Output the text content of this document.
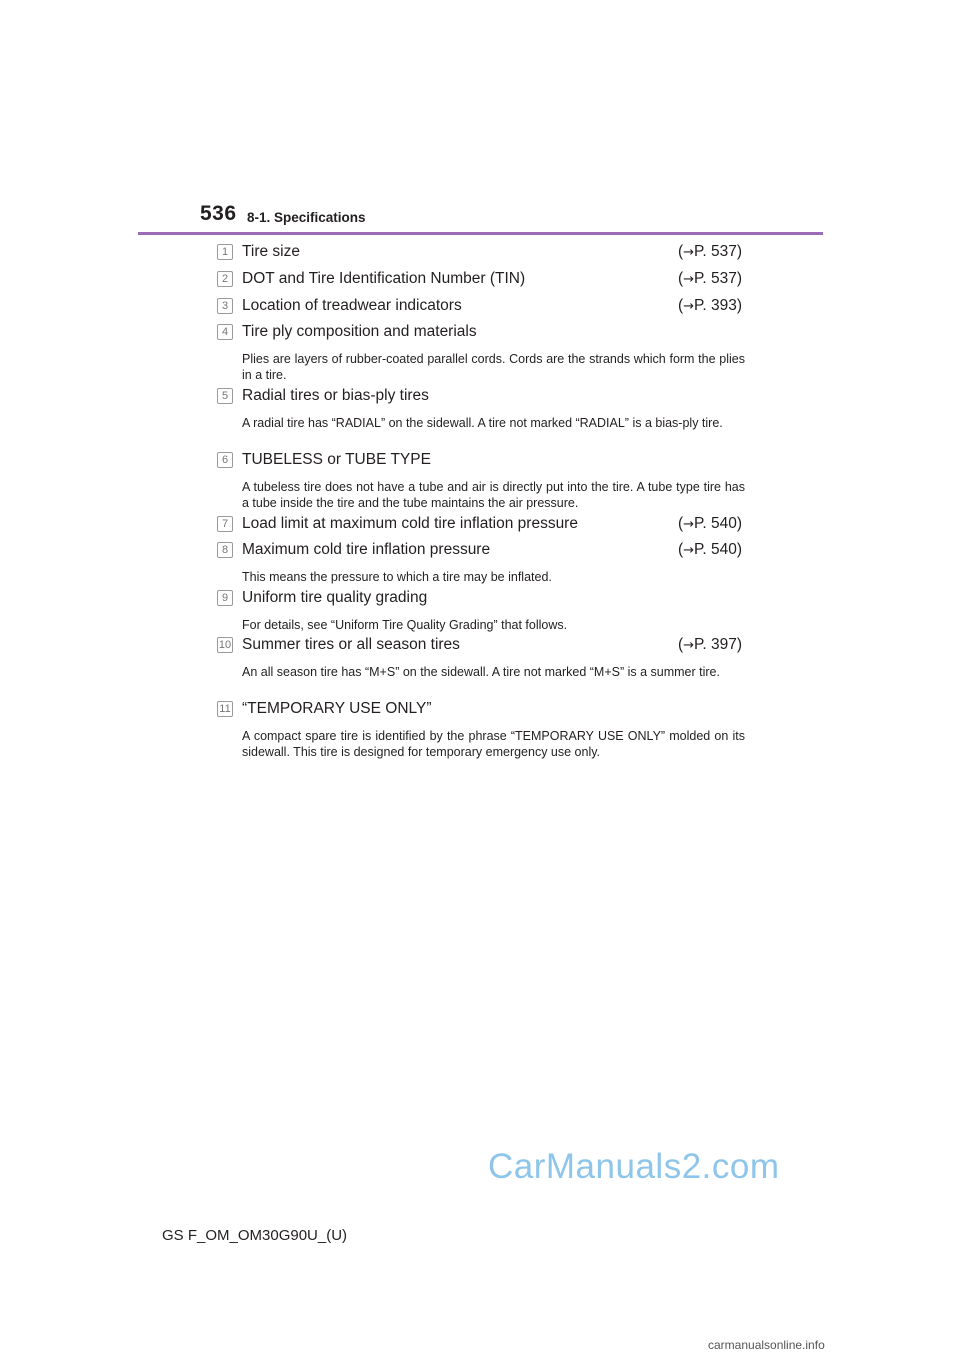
536 8-1. Specifications
1 Tire size	(→P. 537)
2 DOT and Tire Identification Number (TIN)	(→P. 537)
3 Location of treadwear indicators	(→P. 393)
4 Tire ply composition and materials
Plies are layers of rubber-coated parallel cords. Cords are the strands which form the plies in a tire.
5 Radial tires or bias-ply tires
A radial tire has “RADIAL” on the sidewall. A tire not marked “RADIAL” is a bias-ply tire.
6 TUBELESS or TUBE TYPE
A tubeless tire does not have a tube and air is directly put into the tire. A tube type tire has a tube inside the tire and the tube maintains the air pressure.
7 Load limit at maximum cold tire inflation pressure	(→P. 540)
8 Maximum cold tire inflation pressure	(→P. 540)
This means the pressure to which a tire may be inflated.
9 Uniform tire quality grading
For details, see “Uniform Tire Quality Grading” that follows.
10 Summer tires or all season tires	(→P. 397)
An all season tire has “M+S” on the sidewall. A tire not marked “M+S” is a summer tire.
11 “TEMPORARY USE ONLY”
A compact spare tire is identified by the phrase “TEMPORARY USE ONLY” molded on its sidewall. This tire is designed for temporary emergency use only.
CarManuals2.com
GS F_OM_OM30G90U_(U)
carmanualsonline.info
